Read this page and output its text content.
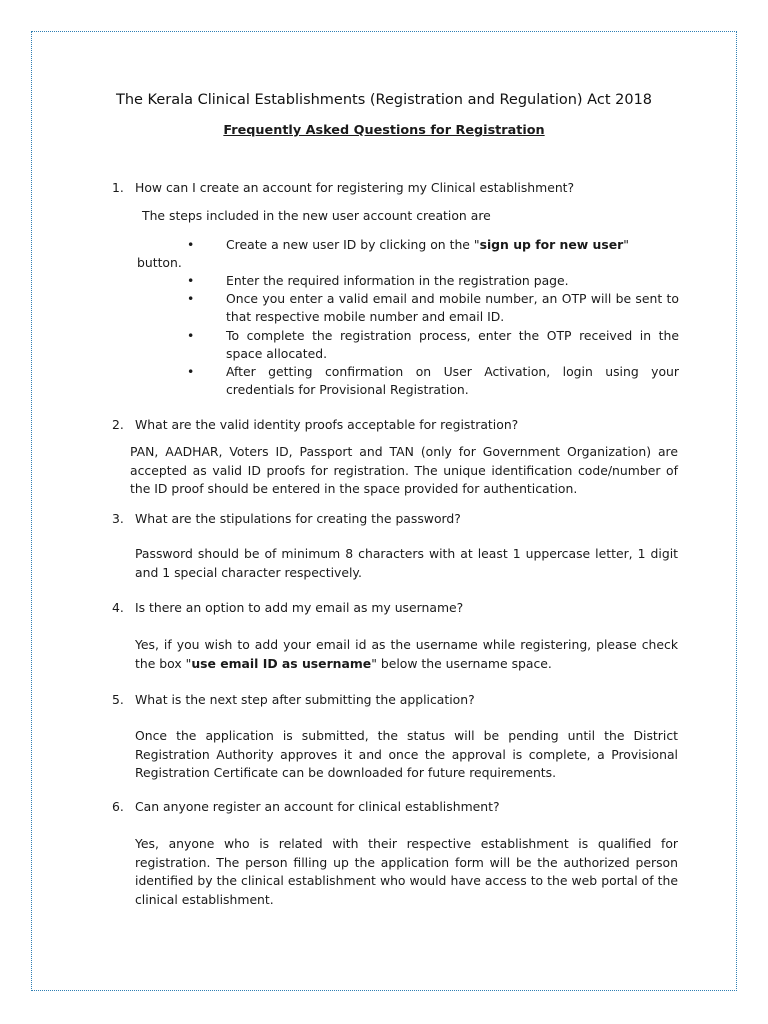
The Kerala Clinical Establishments (Registration and Regulation) Act 2018
Frequently Asked Questions for Registration
1. How can I create an account for registering my Clinical establishment?
The steps included in the new user account creation are
•	Create a new user ID by clicking on the "sign up for new user"
button.
•	Enter the required information in the registration page.
•	Once you enter a valid email and mobile number, an OTP will be sent to that respective mobile number and email ID.
•	To complete the registration process, enter the OTP received in the space allocated.
•	After getting confirmation on User Activation, login using your credentials for Provisional Registration.
2. What are the valid identity proofs acceptable for registration?

PAN, AADHAR, Voters ID, Passport and TAN (only for Government Organization) are accepted as valid ID proofs for registration. The unique identification code/number of the ID proof should be entered in the space provided for authentication.

3. What are the stipulations for creating the password?

Password should be of minimum 8 characters with at least 1 uppercase letter, 1 digit and 1 special character respectively.

4. Is there an option to add my email as my username?

Yes, if you wish to add your email id as the username while registering, please check the box "use email ID as username" below the username space.

5. What is the next step after submitting the application?

Once the application is submitted, the status will be pending until the District Registration Authority approves it and once the approval is complete, a Provisional Registration Certificate can be downloaded for future requirements.

6. Can anyone register an account for clinical establishment?

Yes, anyone who is related with their respective establishment is qualified for registration. The person filling up the application form will be the authorized person identified by the clinical establishment who would have access to the web portal of the clinical establishment.
